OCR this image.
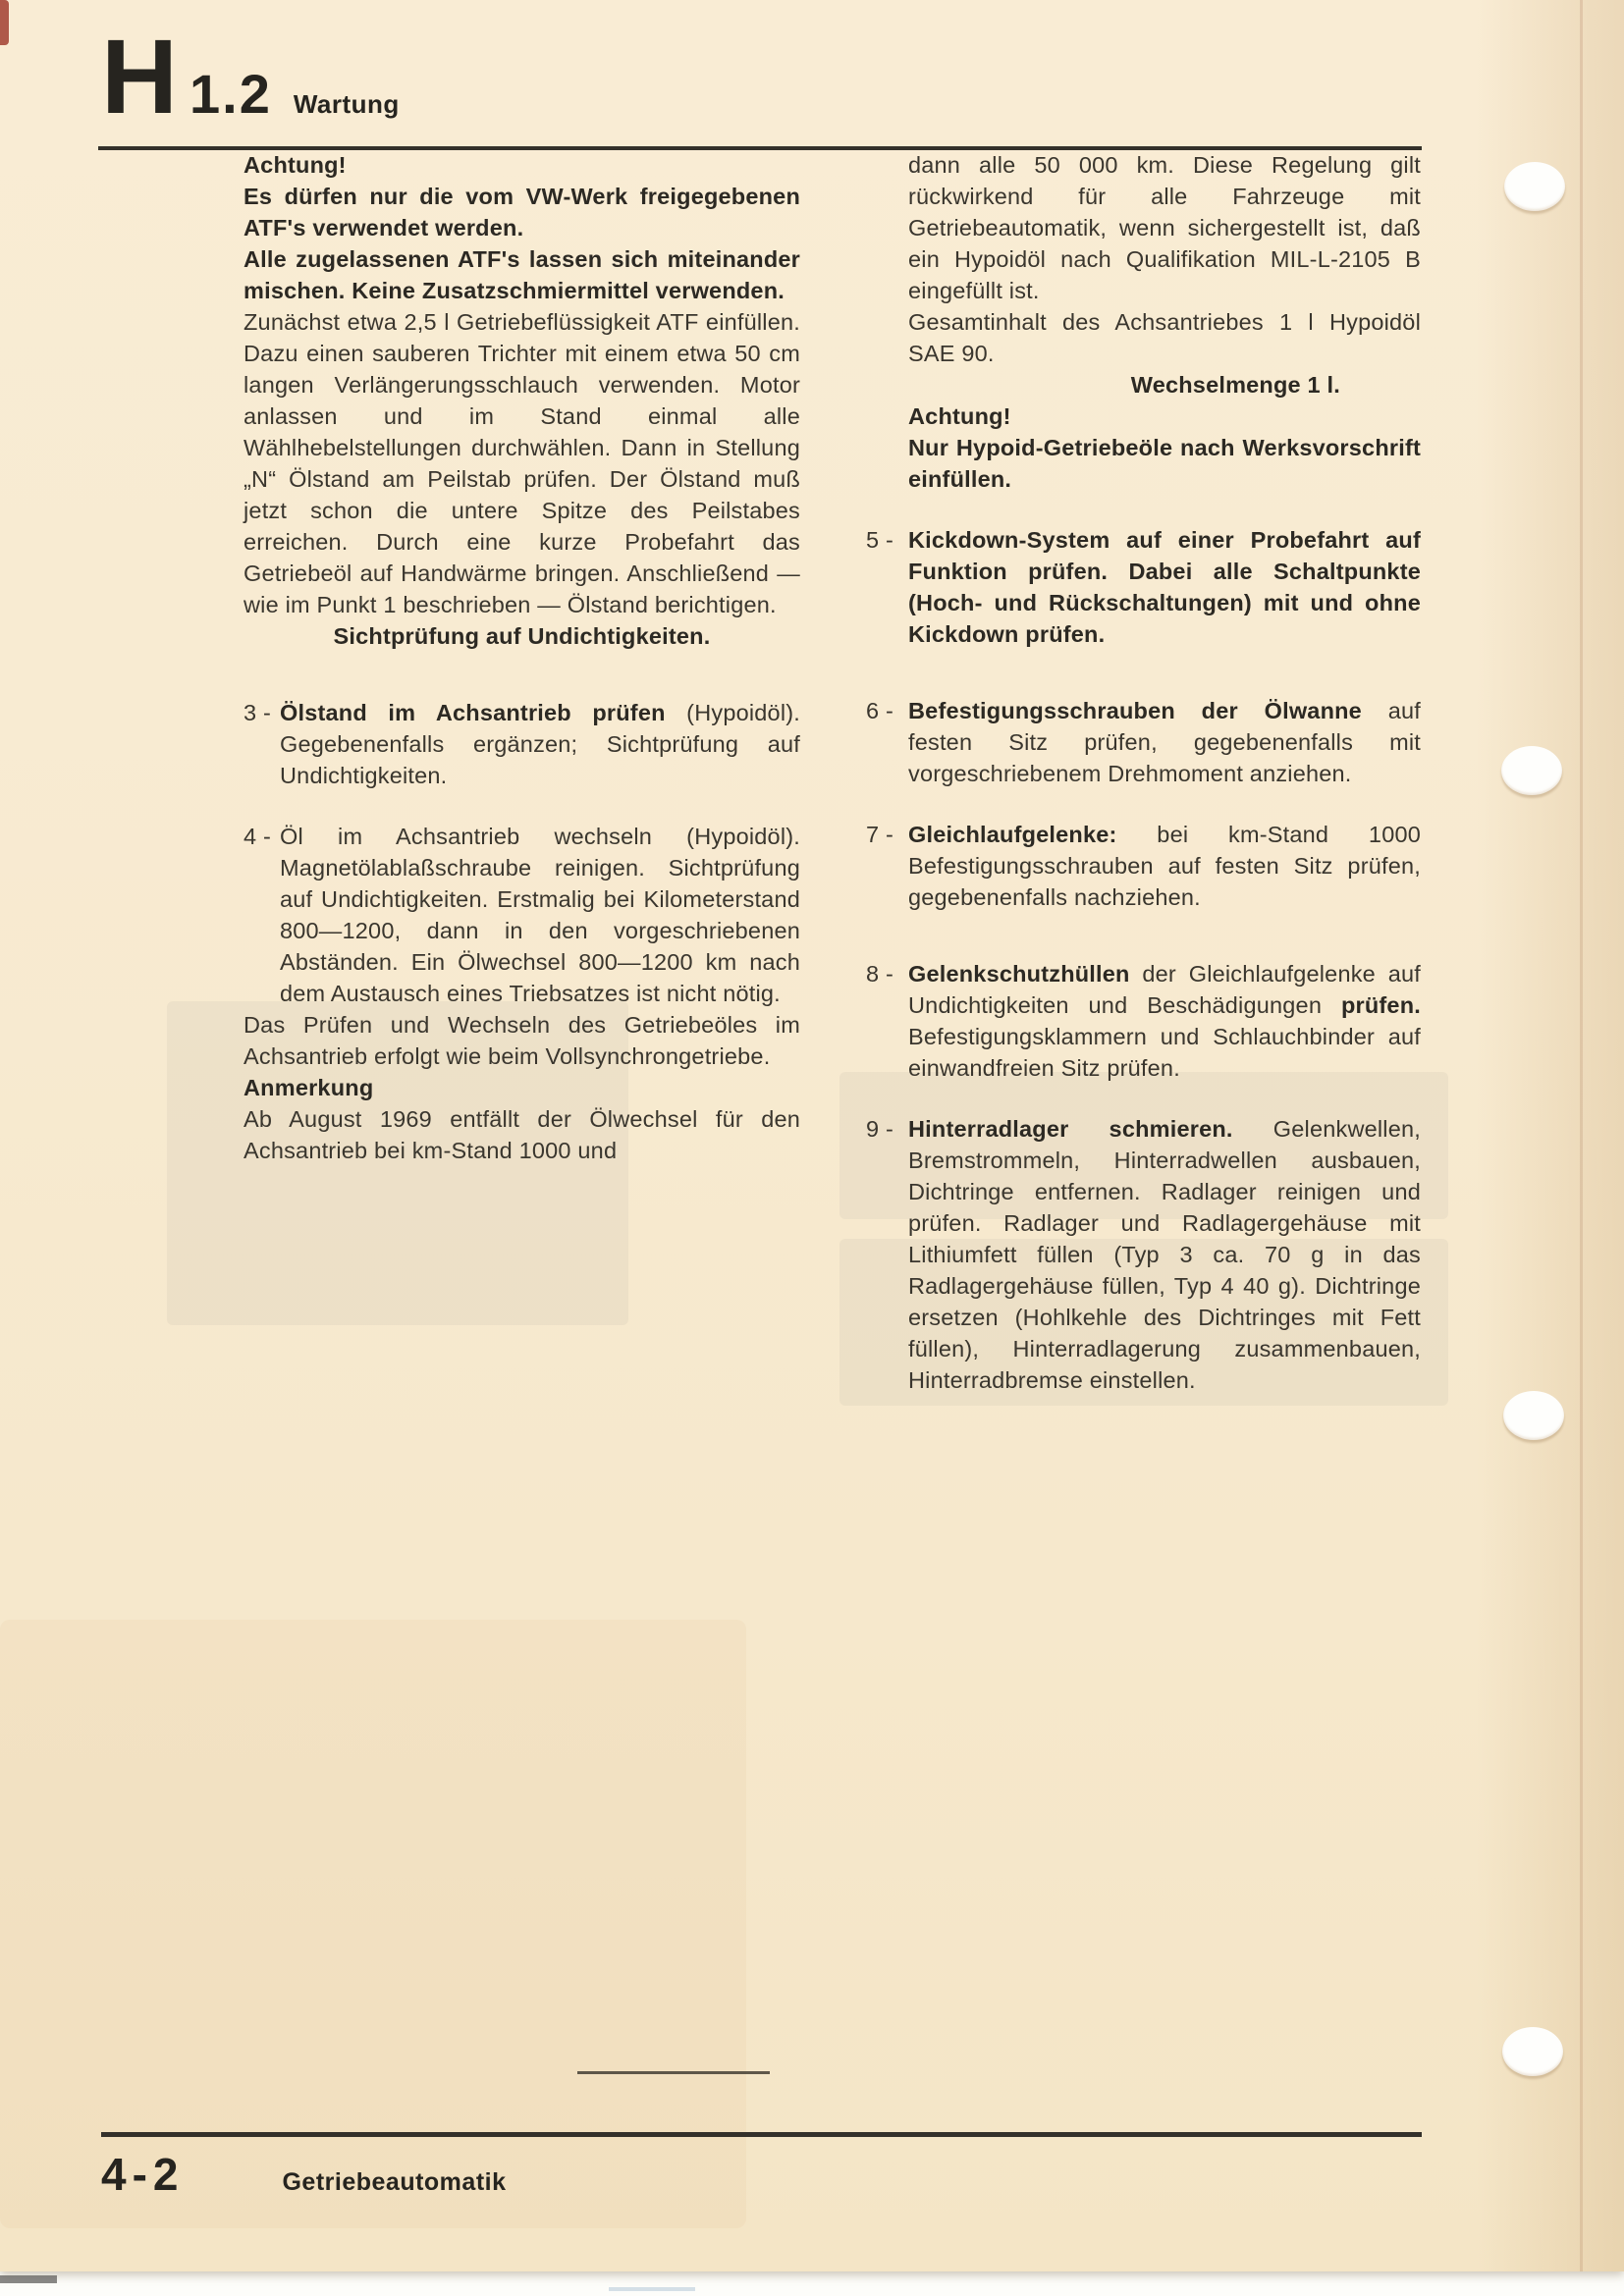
H 1.2 Wartung

Achtung!

Es dürfen nur die vom VW-Werk freigegebenen ATF's verwendet werden.

Alle zugelassenen ATF's lassen sich miteinander mischen. Keine Zusatzschmiermittel verwenden.

Zunächst etwa 2,5 l Getriebeflüssigkeit ATF einfüllen. Dazu einen sauberen Trichter mit einem etwa 50 cm langen Verlängerungsschlauch verwenden. Motor anlassen und im Stand einmal alle Wählhebelstellungen durchwählen. Dann in Stellung „N“ Ölstand am Peilstab prüfen. Der Ölstand muß jetzt schon die untere Spitze des Peilstabes erreichen. Durch eine kurze Probefahrt das Getriebeöl auf Handwärme bringen. Anschließend — wie im Punkt 1 beschrieben — Ölstand berichtigen.

Sichtprüfung auf Undichtigkeiten.

3 - Ölstand im Achsantrieb prüfen (Hypoidöl). Gegebenenfalls ergänzen; Sichtprüfung auf Undichtigkeiten.
4 - Öl im Achsantrieb wechseln (Hypoidöl). Magnetölablaßschraube reinigen. Sichtprüfung auf Undichtigkeiten. Erstmalig bei Kilometerstand 800—1200, dann in den vorgeschriebenen Abständen. Ein Ölwechsel 800—1200 km nach dem Austausch eines Triebsatzes ist nicht nötig.

Das Prüfen und Wechseln des Getriebeöles im Achsantrieb erfolgt wie beim Vollsynchrongetriebe.

Anmerkung

Ab August 1969 entfällt der Ölwechsel für den Achsantrieb bei km-Stand 1000 und

dann alle 50 000 km. Diese Regelung gilt rückwirkend für alle Fahrzeuge mit Getriebeautomatik, wenn sichergestellt ist, daß ein Hypoidöl nach Qualifikation MIL-L-2105 B eingefüllt ist.

Gesamtinhalt des Achsantriebes 1 l Hypoidöl SAE 90.

Wechselmenge 1 l.

Achtung!

Nur Hypoid-Getriebeöle nach Werksvorschrift einfüllen.

5 - Kickdown-System auf einer Probefahrt auf Funktion prüfen. Dabei alle Schaltpunkte (Hoch- und Rückschaltungen) mit und ohne Kickdown prüfen.
6 - Befestigungsschrauben der Ölwanne auf festen Sitz prüfen, gegebenenfalls mit vorgeschriebenem Drehmoment anziehen.
7 - Gleichlaufgelenke: bei km-Stand 1000 Befestigungsschrauben auf festen Sitz prüfen, gegebenenfalls nachziehen.
8 - Gelenkschutzhüllen der Gleichlaufgelenke auf Undichtigkeiten und Beschädigungen prüfen. Befestigungsklammern und Schlauchbinder auf einwandfreien Sitz prüfen.
9 - Hinterradlager schmieren. Gelenkwellen, Bremstrommeln, Hinterradwellen ausbauen, Dichtringe entfernen. Radlager reinigen und prüfen. Radlager und Radlagergehäuse mit Lithiumfett füllen (Typ 3 ca. 70 g in das Radlagergehäuse füllen, Typ 4 40 g). Dichtringe ersetzen (Hohlkehle des Dichtringes mit Fett füllen), Hinterradlagerung zusammenbauen, Hinterradbremse einstellen.
4-2	Getriebeautomatik
